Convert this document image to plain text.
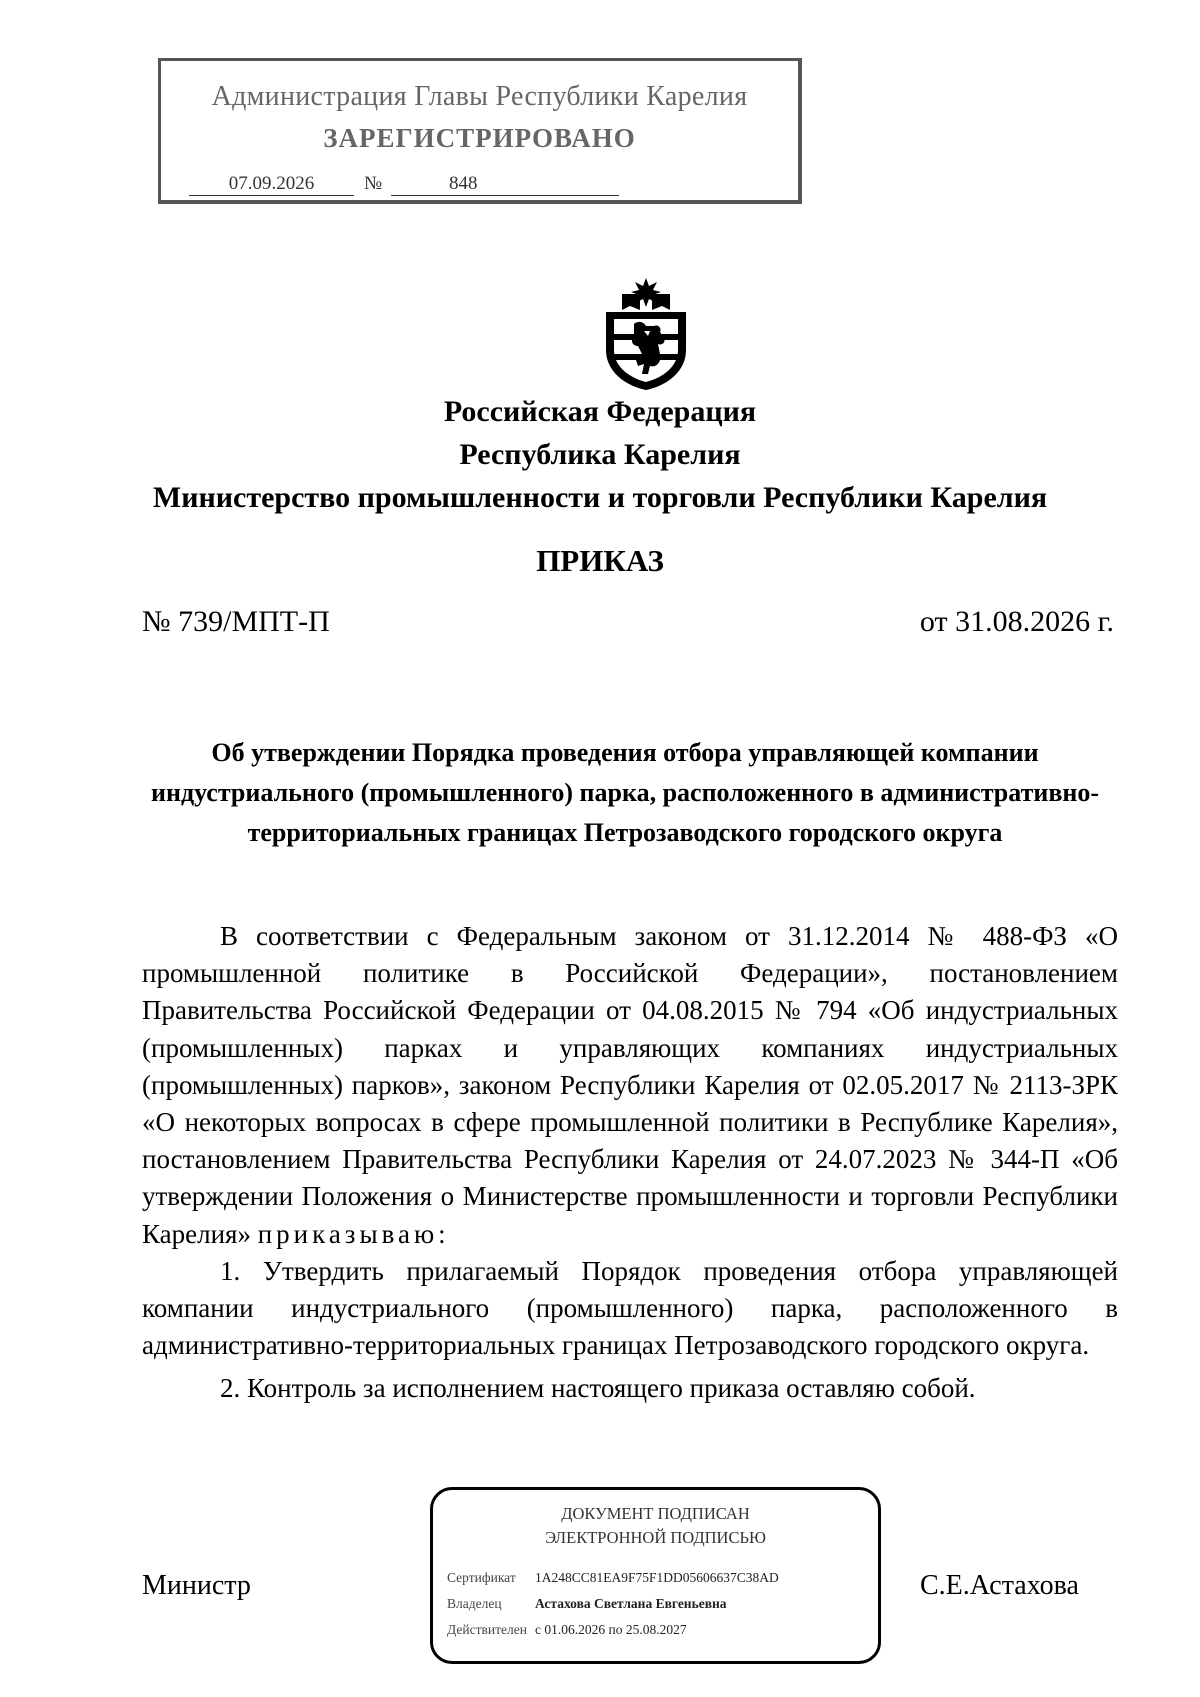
Администрация Главы Республики Карелия
ЗАРЕГИСТРИРОВАНО
07.09.2026	№	848
Российская Федерация
Республика Карелия
Министерство промышленности и торговли Республики Карелия
ПРИКАЗ
№ 739/МПТ-П	от 31.08.2026 г.
Об утверждении Порядка проведения отбора управляющей компании индустриального (промышленного) парка, расположенного в административно-территориальных границах Петрозаводского городского округа

В соответствии с Федеральным законом от 31.12.2014 № 488-ФЗ «О промышленной политике в Российской Федерации», постановлением Правительства Российской Федерации от 04.08.2015 № 794 «Об индустриальных (промышленных) парках и управляющих компаниях индустриальных (промышленных) парков», законом Республики Карелия от 02.05.2017 № 2113-ЗРК «О некоторых вопросах в сфере промышленной политики в Республике Карелия», постановлением Правительства Республики Карелия от 24.07.2023 № 344-П «Об утверждении Положения о Министерстве промышленности и торговли Республики Карелия» приказываю:

1. Утвердить прилагаемый Порядок проведения отбора управляющей компании индустриального (промышленного) парка, расположенного в административно-территориальных границах Петрозаводского городского округа.

2. Контроль за исполнением настоящего приказа оставляю собой.

Министр	С.Е.Астахова
ДОКУМЕНТ ПОДПИСАН
ЭЛЕКТРОННОЙ ПОДПИСЬЮ
Сертификат 1A248CC81EA9F75F1DD05606637C38AD
Владелец Астахова Светлана Евгеньевна
Действителен с 01.06.2026 по 25.08.2027
